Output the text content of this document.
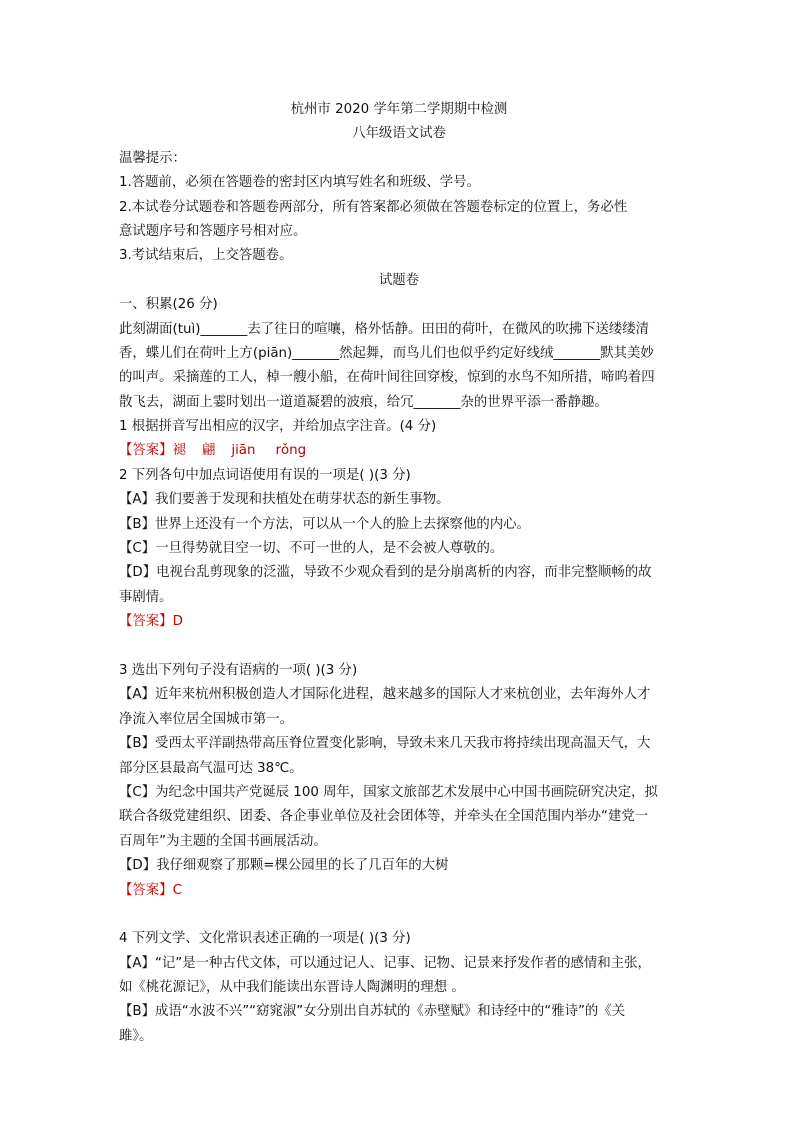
杭州市 2020 学年第二学期期中检测
八年级语文试卷
温馨提示：
1.答题前，必须在答题卷的密封区内填写姓名和班级、学号。
2.本试卷分试题卷和答题卷两部分，所有答案都必须做在答题卷标定的位置上，务必性
意试题序号和答题序号相对应。
3.考试结束后，上交答题卷。
试题卷
一、积累(26 分)
此刻湖面(tuì)_______去了往日的喧嚷，格外恬静。田田的荷叶，在微风的吹拂下送缕缕清
香，蝶儿们在荷叶上方(piān)_______然起舞，而鸟儿们也似乎约定好线绒_______默其美妙
的叫声。采摘莲的工人，棹一艘小船，在荷叶间往回穿梭，惊到的水鸟不知所措，啼呜着四
散飞去，湖面上霎时划出一道道凝碧的波痕，给冗_______杂的世界平添一番静趣。
1 根据拼音写出相应的汉字，并给加点字注音。(4 分)
【答案】褪 翩 jiān rǒng
2 下列各句中加点词语使用有误的一项是( )(3 分)
【A】我们要善于发现和扶植处在萌芽状态的新生事物。
【B】世界上还没有一个方法，可以从一个人的脸上去探察他的内心。
【C】一旦得势就目空一切、不可一世的人，是不会被人尊敬的。
【D】电视台乱剪现象的泛滥，导致不少观众看到的是分崩离析的内容，而非完整顺畅的故
事剧情。
【答案】D
3 选出下列句子没有语病的一项( )(3 分)
【A】近年来杭州积极创造人才国际化进程，越来越多的国际人才来杭创业，去年海外人才
净流入率位居全国城市第一。
【B】受西太平洋副热带高压脊位置变化影响，导致未来几天我市将持续出现高温天气，大
部分区县最高气温可达 38℃。
【C】为纪念中国共产党诞辰 100 周年，国家文旅部艺术发展中心中国书画院研究决定，拟
联合各级党建组织、团委、各企事业单位及社会团体等，并牵头在全国范围内举办“建党一
百周年”为主题的全国书画展活动。
【D】我仔细观察了那颗=棵公园里的长了几百年的大树
【答案】C
4 下列文学、文化常识表述正确的一项是( )(3 分)
【A】“记”是一种古代文体，可以通过记人、记事、记物、记景来抒发作者的感情和主张，
如《桃花源记》，从中我们能读出东晋诗人陶渊明的理想 。
【B】成语“水波不兴”“窈窕淑”女分别出自苏轼的《赤壁赋》和诗经中的“雅诗”的《关
雎》。
